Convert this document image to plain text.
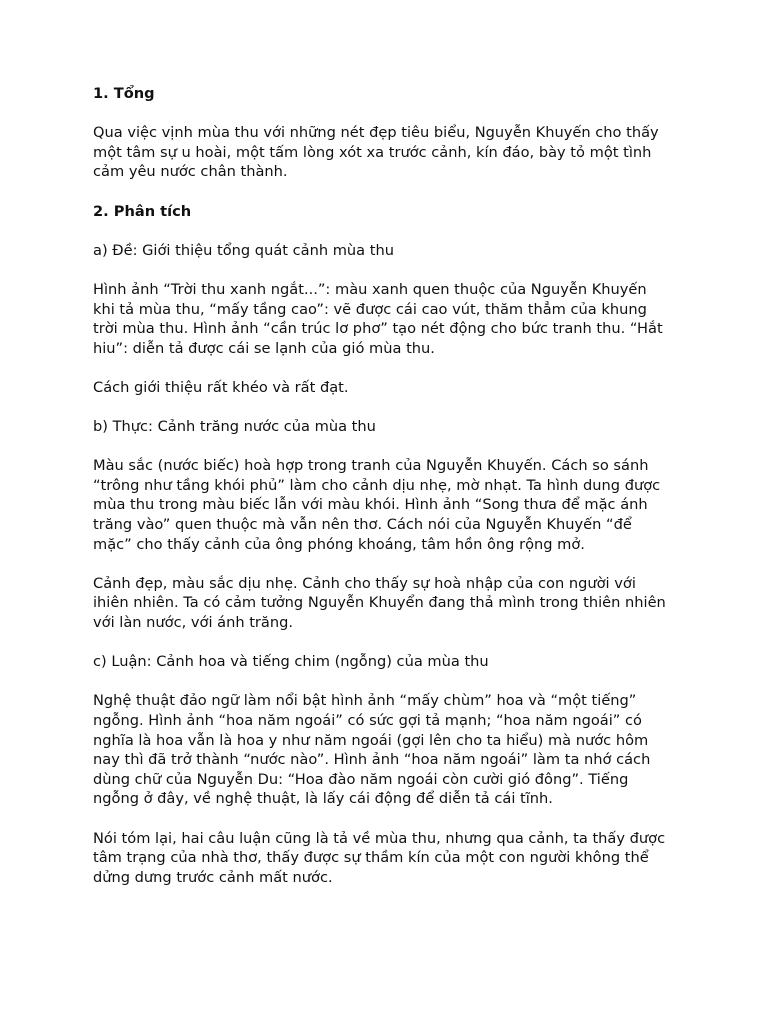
1. Tổng

Qua việc vịnh mùa thu với những nét đẹp tiêu biểu, Nguyễn Khuyến cho thấy một tâm sự u hoài, một tấm lòng xót xa trước cảnh, kín đáo, bày tỏ một tình cảm yêu nước chân thành.

2. Phân tích

a) Đề: Giới thiệu tổng quát cảnh mùa thu

Hình ảnh “Trời thu xanh ngắt...”: màu xanh quen thuộc của Nguyễn Khuyến khi tả mùa thu, “mấy tầng cao”: vẽ được cái cao vút, thăm thẳm của khung trời mùa thu. Hình ảnh “cần trúc lơ phơ” tạo nét động cho bức tranh thu. “Hắt hiu”: diễn tả được cái se lạnh của gió mùa thu.

Cách giới thiệu rất khéo và rất đạt.

b) Thực: Cảnh trăng nước của mùa thu

Màu sắc (nước biếc) hoà hợp trong tranh của Nguyễn Khuyến. Cách so sánh “trông như tầng khói phủ” làm cho cảnh dịu nhẹ, mờ nhạt. Ta hình dung được mùa thu trong màu biếc lẫn với màu khói. Hình ảnh “Song thưa để mặc ánh trăng vào” quen thuộc mà vẫn nên thơ. Cách nói của Nguyễn Khuyến “để mặc” cho thấy cảnh của ông phóng khoáng, tâm hồn ông rộng mở.

Cảnh đẹp, màu sắc dịu nhẹ. Cảnh cho thấy sự hoà nhập của con người với ihiên nhiên. Ta có cảm tưởng Nguyễn Khuyển đang thả mình trong thiên nhiên với làn nước, với ánh trăng.

c) Luận: Cảnh hoa và tiếng chim (ngỗng) của mùa thu

Nghệ thuật đảo ngữ làm nổi bật hình ảnh “mấy chùm” hoa và “một tiếng” ngỗng. Hình ảnh “hoa năm ngoái” có sức gợi tả mạnh; “hoa năm ngoái” có nghĩa là hoa vẫn là hoa y như năm ngoái (gợi lên cho ta hiểu) mà nước hôm nay thì đã trở thành “nước nào”. Hình ảnh “hoa năm ngoái” làm ta nhớ cách dùng chữ của Nguyễn Du: “Hoa đào năm ngoái còn cười gió đông”. Tiếng ngỗng ở đây, về nghệ thuật, là lấy cái động để diễn tả cái tĩnh.

Nói tóm lại, hai câu luận cũng là tả về mùa thu, nhưng qua cảnh, ta thấy được tâm trạng của nhà thơ, thấy được sự thầm kín của một con người không thể dửng dưng trước cảnh mất nước.
